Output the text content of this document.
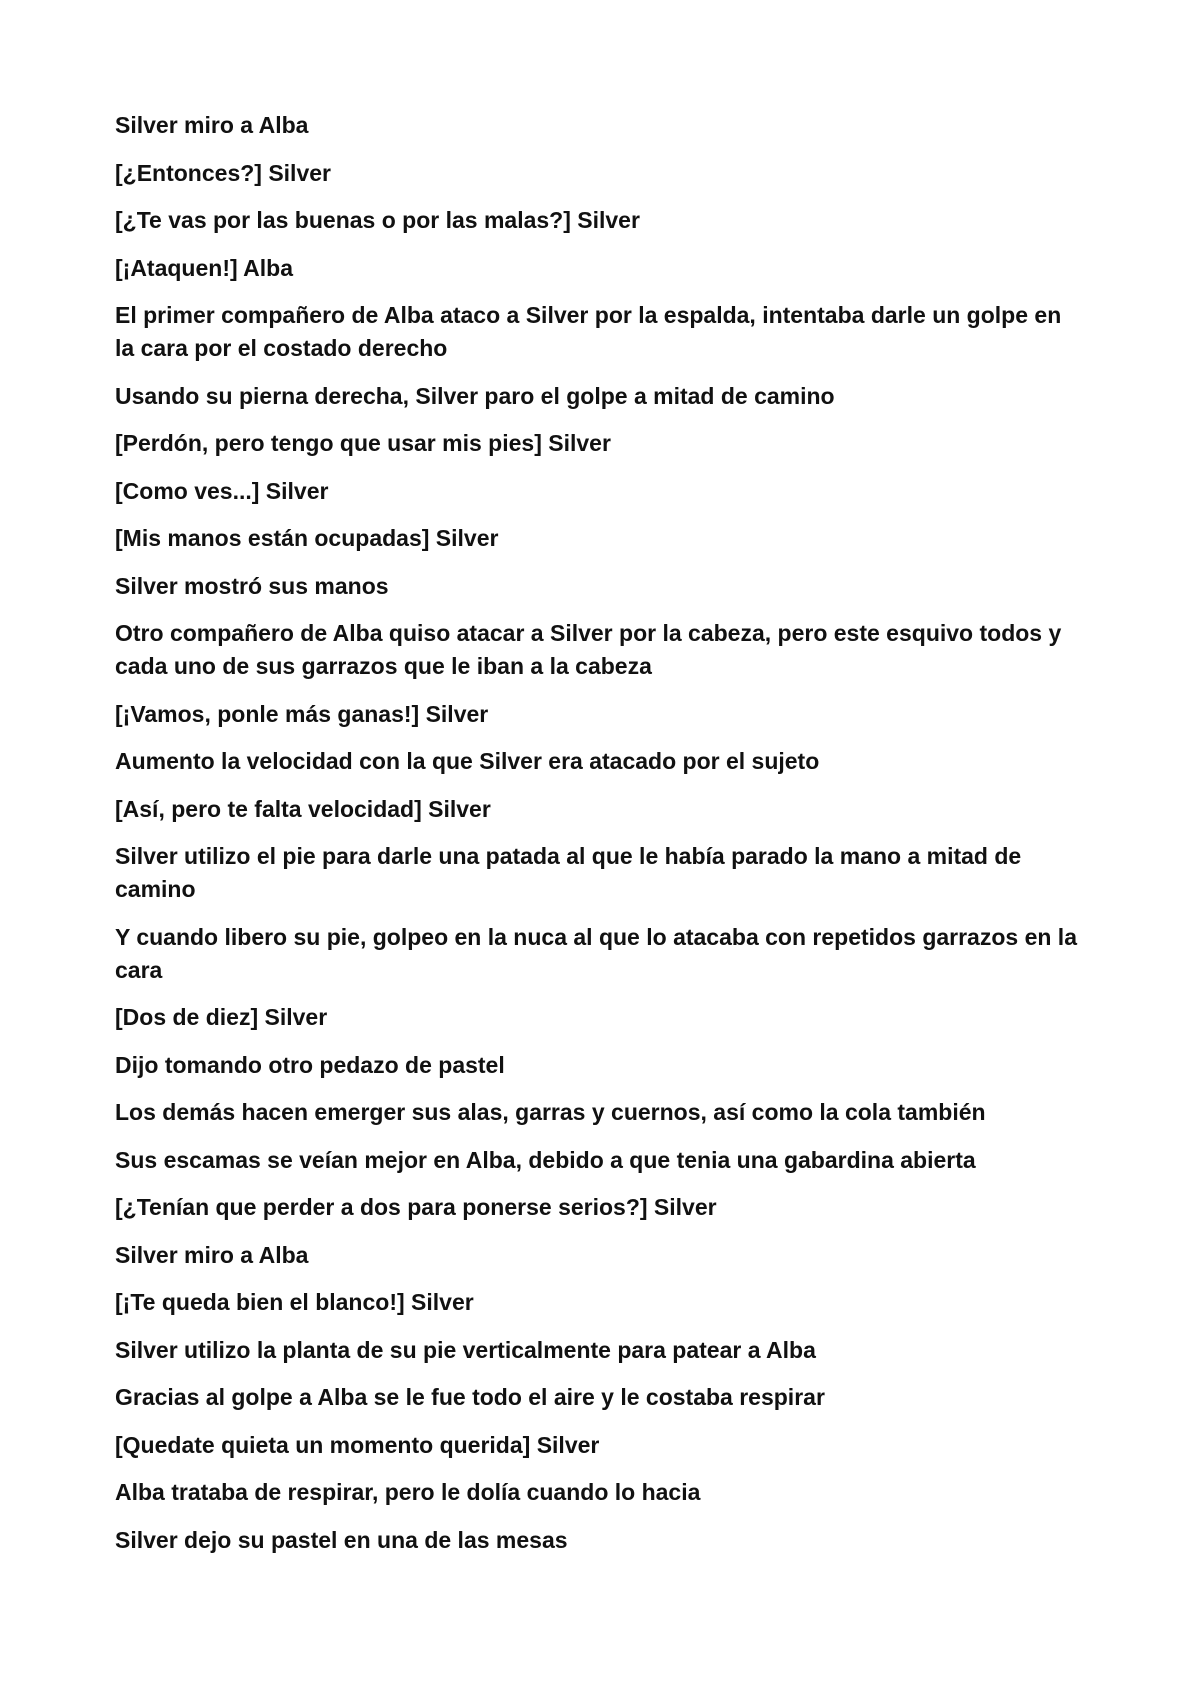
Silver miro a Alba

[¿Entonces?] Silver

[¿Te vas por las buenas o por las malas?] Silver

[¡Ataquen!] Alba

El primer compañero de Alba ataco a Silver por la espalda, intentaba darle un golpe en la cara por el costado derecho

Usando su pierna derecha, Silver paro el golpe a mitad de camino

[Perdón, pero tengo que usar mis pies] Silver

[Como ves...] Silver

[Mis manos están ocupadas] Silver

Silver mostró sus manos

Otro compañero de Alba quiso atacar a Silver por la cabeza, pero este esquivo todos y cada uno de sus garrazos que le iban a la cabeza

[¡Vamos, ponle más ganas!] Silver

Aumento la velocidad con la que Silver era atacado por el sujeto

[Así, pero te falta velocidad] Silver

Silver utilizo el pie para darle una patada al que le había parado la mano a mitad de camino

Y cuando libero su pie, golpeo en la nuca al que lo atacaba con repetidos garrazos en la cara

[Dos de diez] Silver

Dijo tomando otro pedazo de pastel

Los demás hacen emerger sus alas, garras y cuernos, así como la cola también

Sus escamas se veían mejor en Alba, debido a que tenia una gabardina abierta

[¿Tenían que perder a dos para ponerse serios?] Silver

Silver miro a Alba

[¡Te queda bien el blanco!] Silver

Silver utilizo la planta de su pie verticalmente para patear a Alba

Gracias al golpe a Alba se le fue todo el aire y le costaba respirar

[Quedate quieta un momento querida] Silver

Alba trataba de respirar, pero le dolía cuando lo hacia

Silver dejo su pastel en una de las mesas
